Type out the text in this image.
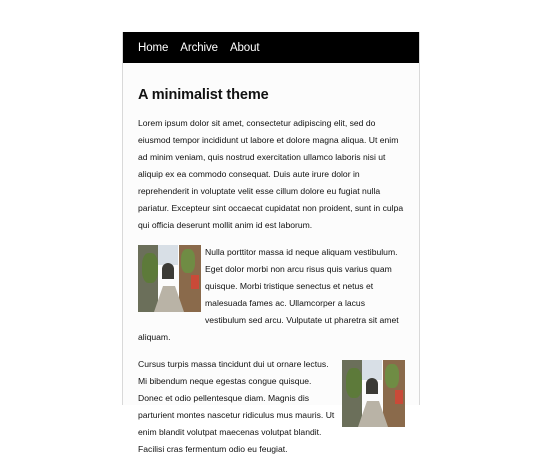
Home Archive About
A minimalist theme

Lorem ipsum dolor sit amet, consectetur adipiscing elit, sed do eiusmod tempor incididunt ut labore et dolore magna aliqua. Ut enim ad minim veniam, quis nostrud exercitation ullamco laboris nisi ut aliquip ex ea commodo consequat. Duis aute irure dolor in reprehenderit in voluptate velit esse cillum dolore eu fugiat nulla pariatur. Excepteur sint occaecat cupidatat non proident, sunt in culpa qui officia deserunt mollit anim id est laborum.

Nulla porttitor massa id neque aliquam vestibulum. Eget dolor morbi non arcu risus quis varius quam quisque. Morbi tristique senectus et netus et malesuada fames ac. Ullamcorper a lacus vestibulum sed arcu. Vulputate ut pharetra sit amet aliquam.

Cursus turpis massa tincidunt dui ut ornare lectus. Mi bibendum neque egestas congue quisque. Donec et odio pellentesque diam. Magnis dis parturient montes nascetur ridiculus mus mauris. Ut enim blandit volutpat maecenas volutpat blandit. Facilisi cras fermentum odio eu feugiat.
